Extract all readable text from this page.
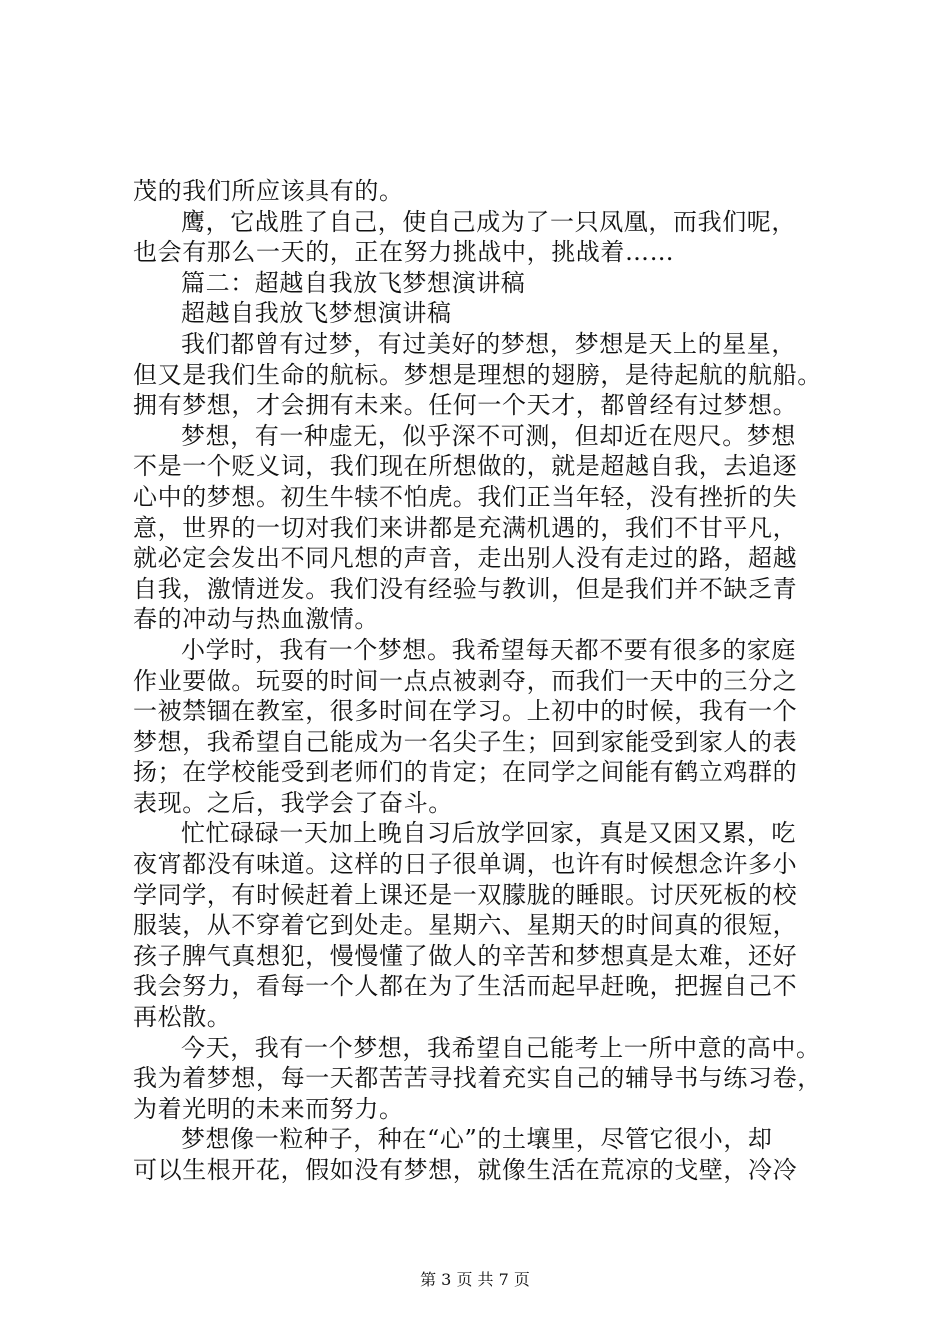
茂的我们所应该具有的。
鹰，它战胜了自己，使自己成为了一只凤凰，而我们呢，
也会有那么一天的，正在努力挑战中，挑战着……
篇二：超越自我放飞梦想演讲稿
超越自我放飞梦想演讲稿
我们都曾有过梦，有过美好的梦想，梦想是天上的星星，
但又是我们生命的航标。梦想是理想的翅膀，是待起航的航船。
拥有梦想，才会拥有未来。任何一个天才，都曾经有过梦想。
梦想，有一种虚无，似乎深不可测，但却近在咫尺。梦想
不是一个贬义词，我们现在所想做的，就是超越自我，去追逐
心中的梦想。初生牛犊不怕虎。我们正当年轻，没有挫折的失
意，世界的一切对我们来讲都是充满机遇的，我们不甘平凡，
就必定会发出不同凡想的声音，走出别人没有走过的路，超越
自我，激情迸发。我们没有经验与教训，但是我们并不缺乏青
春的冲动与热血激情。
小学时，我有一个梦想。我希望每天都不要有很多的家庭
作业要做。玩耍的时间一点点被剥夺，而我们一天中的三分之
一被禁锢在教室，很多时间在学习。上初中的时候，我有一个
梦想，我希望自己能成为一名尖子生；回到家能受到家人的表
扬；在学校能受到老师们的肯定；在同学之间能有鹤立鸡群的
表现。之后，我学会了奋斗。
忙忙碌碌一天加上晚自习后放学回家，真是又困又累，吃
夜宵都没有味道。这样的日子很单调，也许有时候想念许多小
学同学，有时候赶着上课还是一双朦胧的睡眼。讨厌死板的校
服装，从不穿着它到处走。星期六、星期天的时间真的很短，
孩子脾气真想犯，慢慢懂了做人的辛苦和梦想真是太难，还好
我会努力，看每一个人都在为了生活而起早赶晚，把握自己不
再松散。
今天，我有一个梦想，我希望自己能考上一所中意的高中。
我为着梦想，每一天都苦苦寻找着充实自己的辅导书与练习卷，
为着光明的未来而努力。
梦想像一粒种子，种在“心”的土壤里，尽管它很小，却
可以生根开花，假如没有梦想，就像生活在荒凉的戈壁，冷冷
第 3 页 共 7 页
